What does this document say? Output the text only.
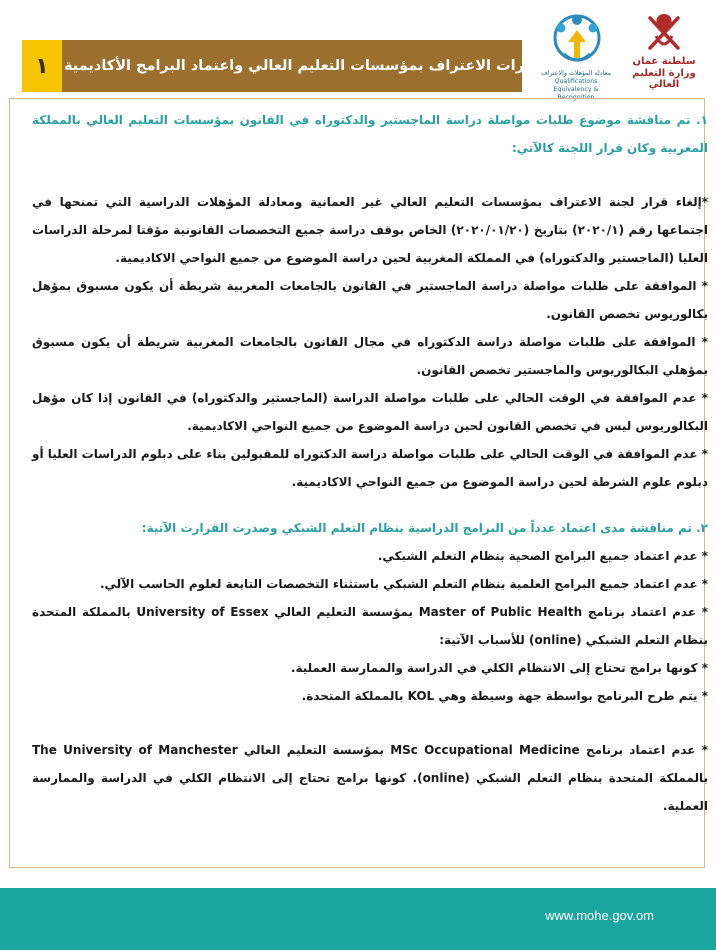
١	قرارات الاعتراف بمؤسسات التعليم العالي واعتماد البرامج الأكاديمية
معادلة المؤهلات والاعتراف
Qualifications Equivalency & Recognition
سلطنة عمان
وزارة التعليم العالي

١. تم مناقشة موضوع طلبات مواصلة دراسة الماجستير والدكتوراه في القانون بمؤسسات التعليم العالي بالمملكة المغربية وكان قرار اللجنة كالآتي:

*إلغاء قرار لجنة الاعتراف بمؤسسات التعليم العالي غير العمانية ومعادلة المؤهلات الدراسية التي تمنحها في اجتماعها رقم (٢٠٢٠/١) بتاريخ (٢٠٢٠/٠١/٢٠) الخاص بوقف دراسة جميع التخصصات القانونية مؤقتا لمرحلة الدراسات العليا (الماجستير والدكتوراه) في المملكة المغربية لحين دراسة الموضوع من جميع النواحي الاكاديمية.

* الموافقة على طلبات مواصلة دراسة الماجستير في القانون بالجامعات المغربية شريطة أن يكون مسبوق بمؤهل بكالوريوس تخصص القانون.

* الموافقة على طلبات مواصلة دراسة الدكتوراه في مجال القانون بالجامعات المغربية شريطة أن يكون مسبوق بمؤهلي البكالوريوس والماجستير تخصص القانون.

* عدم الموافقة في الوقت الحالي على طلبات مواصلة الدراسة (الماجستير والدكتوراه) في القانون إذا كان مؤهل البكالوريوس ليس في تخصص القانون لحين دراسة الموضوع من جميع النواحي الاكاديمية.

* عدم الموافقة في الوقت الحالي على طلبات مواصلة دراسة الدكتوراه للمقبولين بناء على دبلوم الدراسات العليا أو دبلوم علوم الشرطة لحين دراسة الموضوع من جميع النواحي الاكاديمية.

٢. تم مناقشة مدى اعتماد عدداً من البرامج الدراسية بنظام التعلم الشبكي وصدرت القرارت الآتية:

* عدم اعتماد جميع البرامج الصحية بنظام التعلم الشبكي.

* عدم اعتماد جميع البرامج العلمية بنظام التعلم الشبكي باستثناء التخصصات التابعة لعلوم الحاسب الآلي.

* عدم اعتماد برنامج Master of Public Health بمؤسسة التعليم العالي University of Essex بالمملكة المتحدة بنظام التعلم الشبكي (online) للأسباب الآتية:

* كونها برامج تحتاج إلى الانتظام الكلي في الدراسة والممارسة العملية.

* يتم طرح البرنامج بواسطة جهة وسيطة وهي KOL بالمملكة المتحدة.

* عدم اعتماد برنامج MSc Occupational Medicine بمؤسسة التعليم العالي The University of Manchester بالمملكة المتحدة بنظام التعلم الشبكي (online). كونها برامج تحتاج إلى الانتظام الكلي في الدراسة والممارسة العملية.

www.mohe.gov.om
